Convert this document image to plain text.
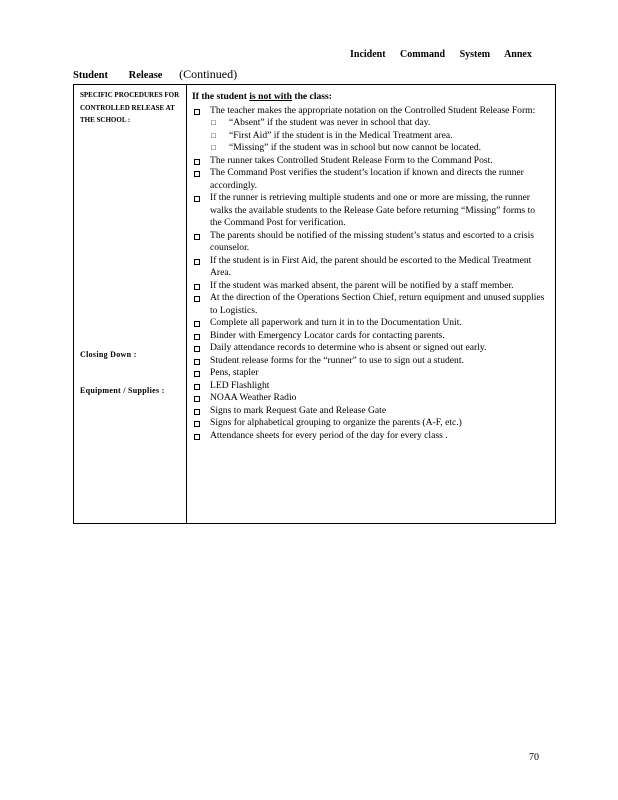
Incident Command System Annex
Student Release (Continued)
SPECIFIC PROCEDURES FOR CONTROLLED RELEASE AT THE SCHOOL :
Closing Down :
Equipment / Supplies :
If the student is not with the class:
The teacher makes the appropriate notation on the Controlled Student Release Form:
□ “Absent” if the student was never in school that day.
□ “First Aid” if the student is in the Medical Treatment area.
□ “Missing” if the student was in school but now cannot be located.
The runner takes Controlled Student Release Form to the Command Post.
The Command Post verifies the student’s location if known and directs the runner accordingly.
If the runner is retrieving multiple students and one or more are missing, the runner walks the available students to the Release Gate before returning “Missing” forms to the Command Post for verification.
The parents should be notified of the missing student’s status and escorted to a crisis counselor.
If the student is in First Aid, the parent should be escorted to the Medical Treatment Area.
If the student was marked absent, the parent will be notified by a staff member.
At the direction of the Operations Section Chief, return equipment and unused supplies to Logistics.
Complete all paperwork and turn it in to the Documentation Unit.
Binder with Emergency Locator cards for contacting parents.
Daily attendance records to determine who is absent or signed out early.
Student release forms for the “runner” to use to sign out a student.
Pens, stapler
LED Flashlight
NOAA Weather Radio
Signs to mark Request Gate and Release Gate
Signs for alphabetical grouping to organize the parents (A-F, etc.)
Attendance sheets for every period of the day for every class .
70
